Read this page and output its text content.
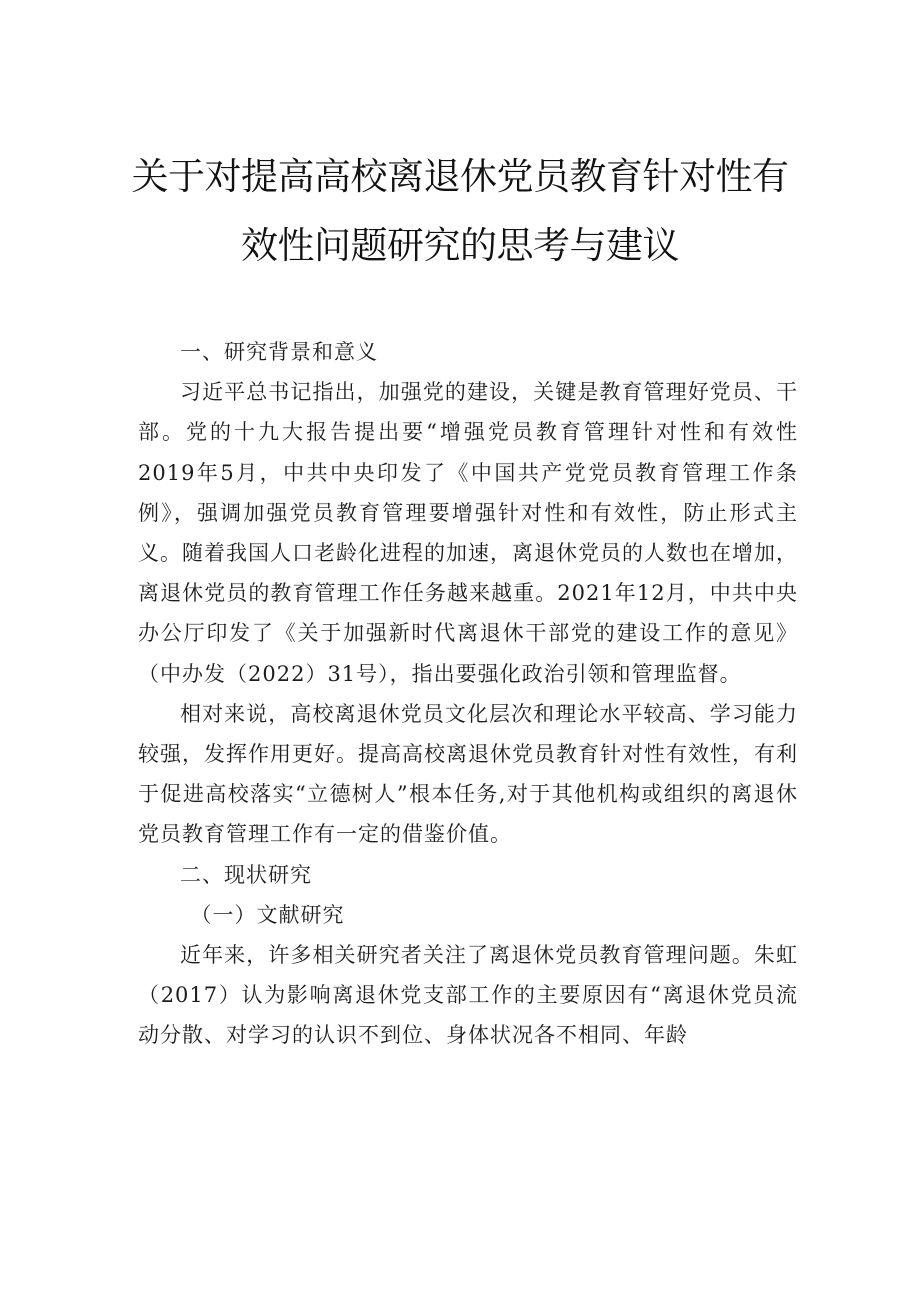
关于对提高高校离退休党员教育针对性有
效性问题研究的思考与建议

一、研究背景和意义

习近平总书记指出，加强党的建设，关键是教育管理好党员、干部。党的十九大报告提出要“增强党员教育管理针对性和有效性2019年5月，中共中央印发了《中国共产党党员教育管理工作条例》，强调加强党员教育管理要增强针对性和有效性，防止形式主义。随着我国人口老龄化进程的加速，离退休党员的人数也在增加，离退休党员的教育管理工作任务越来越重。2021年12月，中共中央办公厅印发了《关于加强新时代离退休干部党的建设工作的意见》（中办发（2022）31号），指出要强化政治引领和管理监督。

相对来说，高校离退休党员文化层次和理论水平较高、学习能力较强，发挥作用更好。提高高校离退休党员教育针对性有效性，有利于促进高校落实“立德树人”根本任务,对于其他机构或组织的离退休党员教育管理工作有一定的借鉴价值。

二、现状研究

（一）文献研究

近年来，许多相关研究者关注了离退休党员教育管理问题。朱虹（2017）认为影响离退休党支部工作的主要原因有“离退休党员流动分散、对学习的认识不到位、身体状况各不相同、年龄
